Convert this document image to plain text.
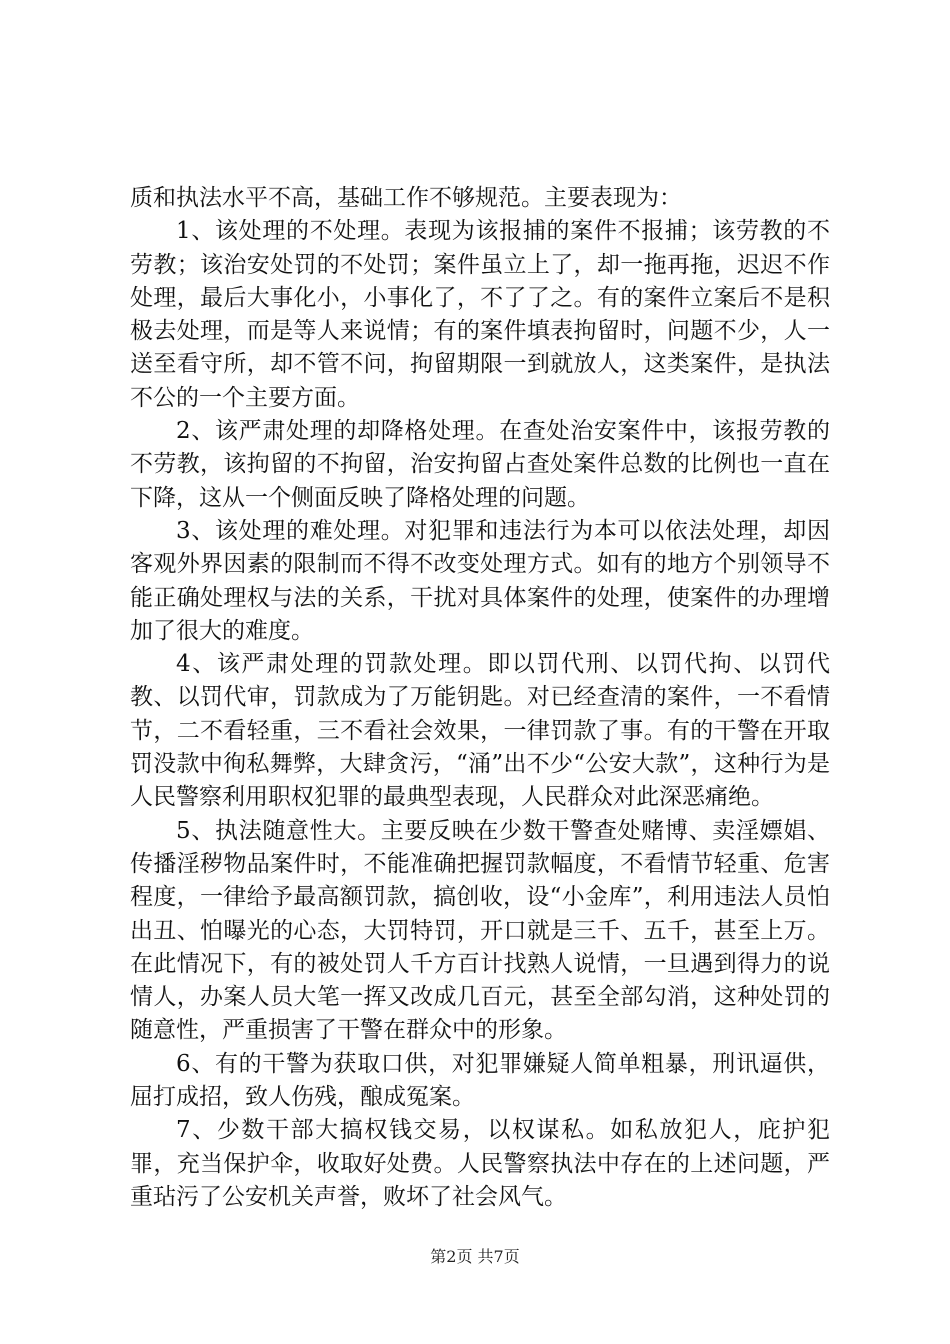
质和执法水平不高，基础工作不够规范。主要表现为：

1、该处理的不处理。表现为该报捕的案件不报捕；该劳教的不劳教；该治安处罚的不处罚；案件虽立上了，却一拖再拖，迟迟不作处理，最后大事化小，小事化了，不了了之。有的案件立案后不是积极去处理，而是等人来说情；有的案件填表拘留时，问题不少，人一送至看守所，却不管不问，拘留期限一到就放人，这类案件，是执法不公的一个主要方面。

2、该严肃处理的却降格处理。在查处治安案件中，该报劳教的不劳教，该拘留的不拘留，治安拘留占查处案件总数的比例也一直在下降，这从一个侧面反映了降格处理的问题。

3、该处理的难处理。对犯罪和违法行为本可以依法处理，却因客观外界因素的限制而不得不改变处理方式。如有的地方个别领导不能正确处理权与法的关系，干扰对具体案件的处理，使案件的办理增加了很大的难度。

4、该严肃处理的罚款处理。即以罚代刑、以罚代拘、以罚代教、以罚代审，罚款成为了万能钥匙。对已经查清的案件，一不看情节，二不看轻重，三不看社会效果，一律罚款了事。有的干警在开取罚没款中徇私舞弊，大肆贪污，“涌”出不少“公安大款”，这种行为是人民警察利用职权犯罪的最典型表现，人民群众对此深恶痛绝。

5、执法随意性大。主要反映在少数干警查处赌博、卖淫嫖娼、传播淫秽物品案件时，不能准确把握罚款幅度，不看情节轻重、危害程度，一律给予最高额罚款，搞创收，设“小金库”，利用违法人员怕出丑、怕曝光的心态，大罚特罚，开口就是三千、五千，甚至上万。在此情况下，有的被处罚人千方百计找熟人说情，一旦遇到得力的说情人，办案人员大笔一挥又改成几百元，甚至全部勾消，这种处罚的随意性，严重损害了干警在群众中的形象。

6、有的干警为获取口供，对犯罪嫌疑人简单粗暴，刑讯逼供，屈打成招，致人伤残，酿成冤案。

7、少数干部大搞权钱交易，以权谋私。如私放犯人，庇护犯罪，充当保护伞，收取好处费。人民警察执法中存在的上述问题，严重玷污了公安机关声誉，败坏了社会风气。

第2页 共7页
